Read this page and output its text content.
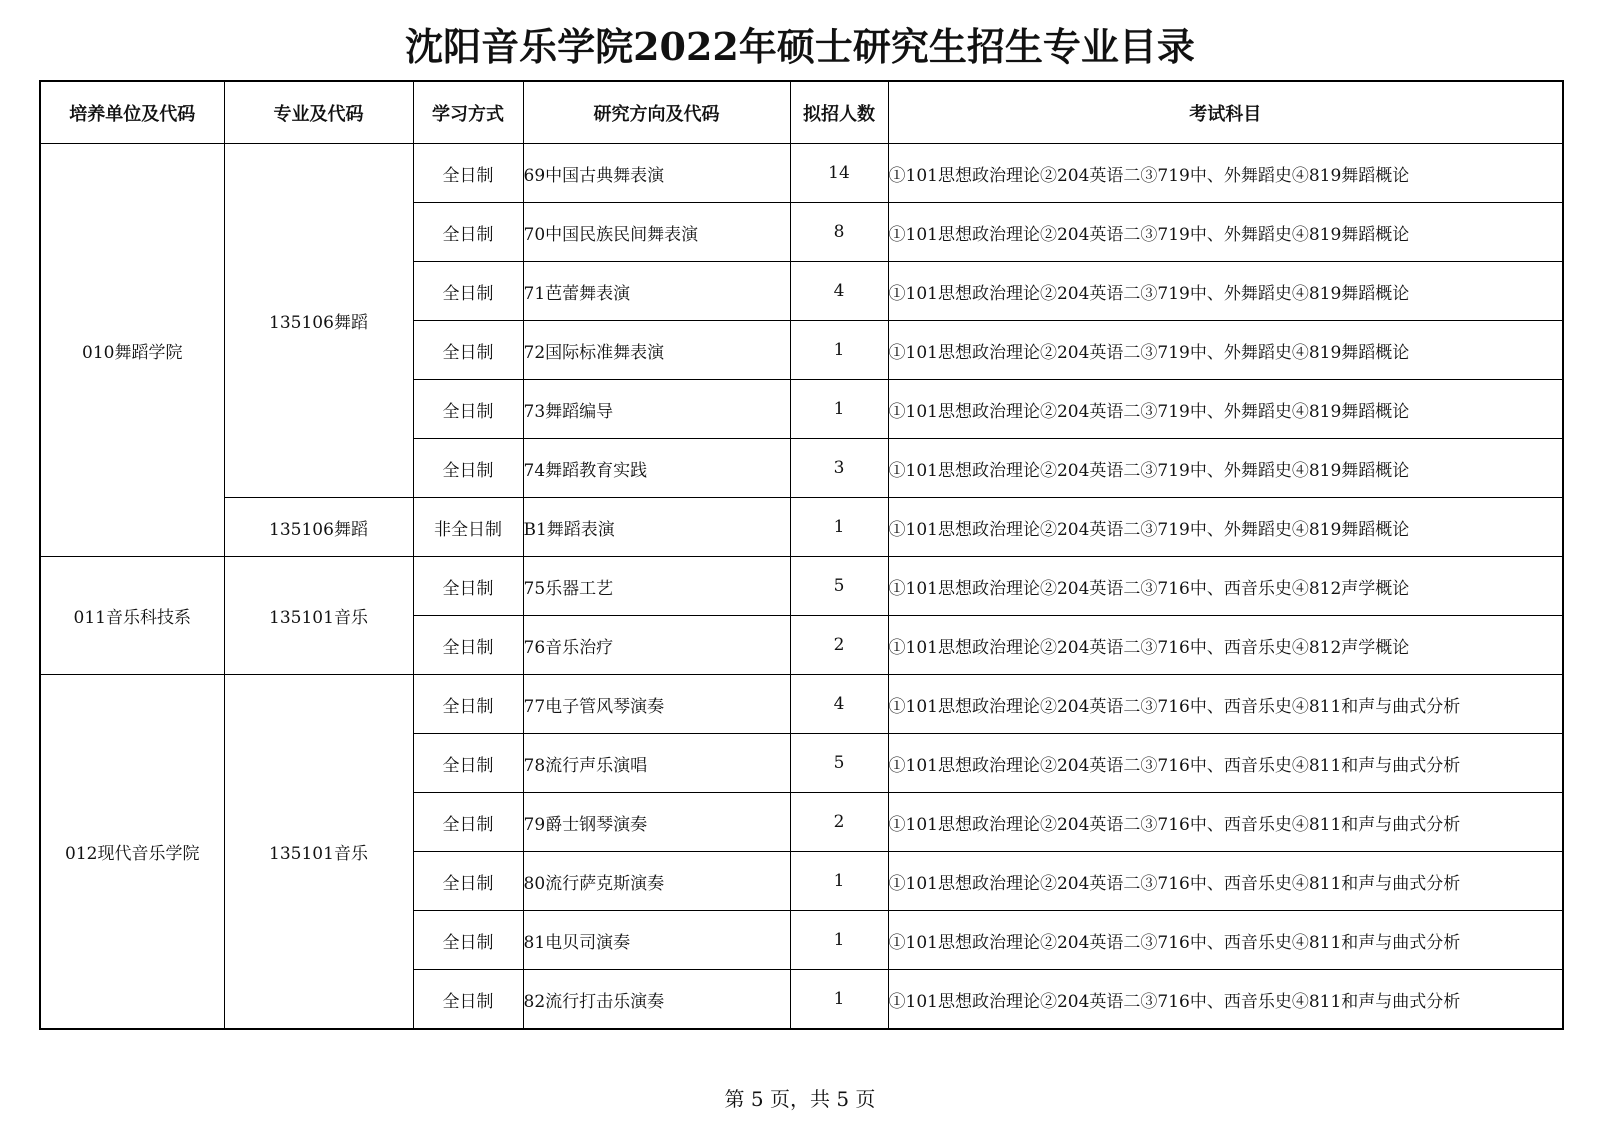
沈阳音乐学院2022年硕士研究生招生专业目录
培养单位及代码	专业及代码	学习方式	研究方向及代码	拟招人数	考试科目
010舞蹈学院	135106舞蹈	全日制	69中国古典舞表演	14	①101思想政治理论②204英语二③719中、外舞蹈史④819舞蹈概论
		全日制	70中国民族民间舞表演	8	①101思想政治理论②204英语二③719中、外舞蹈史④819舞蹈概论
		全日制	71芭蕾舞表演	4	①101思想政治理论②204英语二③719中、外舞蹈史④819舞蹈概论
		全日制	72国际标准舞表演	1	①101思想政治理论②204英语二③719中、外舞蹈史④819舞蹈概论
		全日制	73舞蹈编导	1	①101思想政治理论②204英语二③719中、外舞蹈史④819舞蹈概论
		全日制	74舞蹈教育实践	3	①101思想政治理论②204英语二③719中、外舞蹈史④819舞蹈概论
	135106舞蹈	非全日制	B1舞蹈表演	1	①101思想政治理论②204英语二③719中、外舞蹈史④819舞蹈概论
011音乐科技系	135101音乐	全日制	75乐器工艺	5	①101思想政治理论②204英语二③716中、西音乐史④812声学概论
		全日制	76音乐治疗	2	①101思想政治理论②204英语二③716中、西音乐史④812声学概论
012现代音乐学院	135101音乐	全日制	77电子管风琴演奏	4	①101思想政治理论②204英语二③716中、西音乐史④811和声与曲式分析
		全日制	78流行声乐演唱	5	①101思想政治理论②204英语二③716中、西音乐史④811和声与曲式分析
		全日制	79爵士钢琴演奏	2	①101思想政治理论②204英语二③716中、西音乐史④811和声与曲式分析
		全日制	80流行萨克斯演奏	1	①101思想政治理论②204英语二③716中、西音乐史④811和声与曲式分析
		全日制	81电贝司演奏	1	①101思想政治理论②204英语二③716中、西音乐史④811和声与曲式分析
		全日制	82流行打击乐演奏	1	①101思想政治理论②204英语二③716中、西音乐史④811和声与曲式分析
第 5 页，共 5 页
